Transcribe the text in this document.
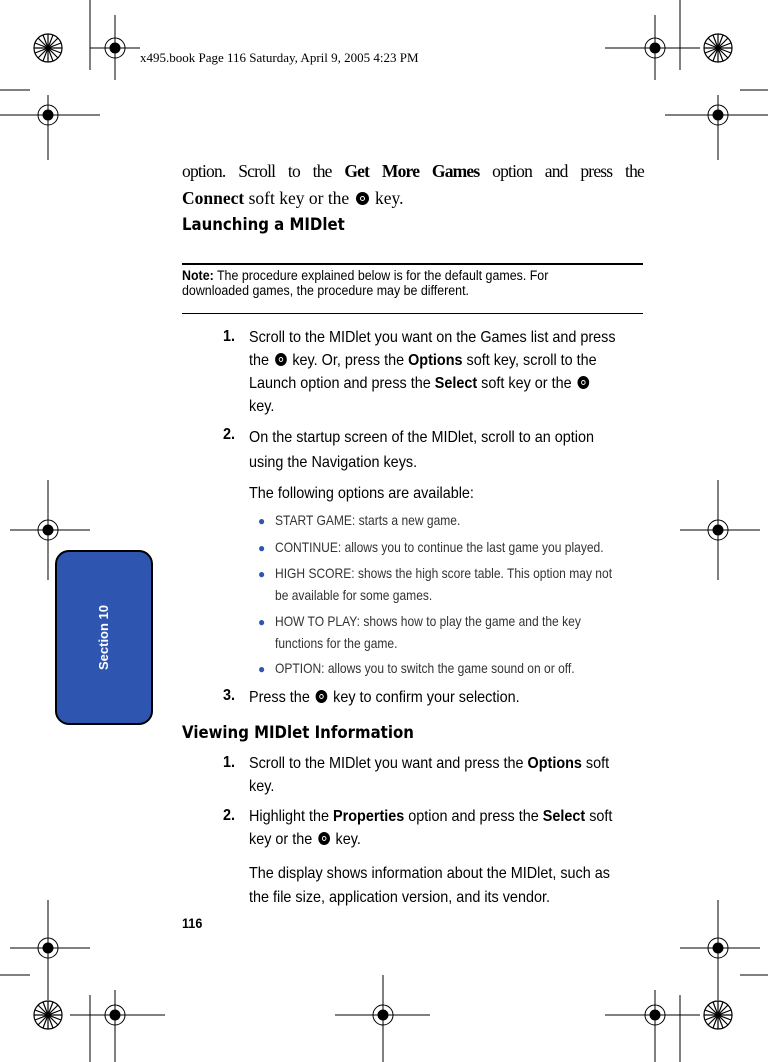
x495.book Page 116 Saturday, April 9, 2005 4:23 PM
Section 10
option. Scroll to the Get More Games option and press the
Connect soft key or the  key.
Launching a MIDlet
Note: The procedure explained below is for the default games. For downloaded games, the procedure may be different.
1. Scroll to the MIDlet you want on the Games list and press
the  key. Or, press the Options soft key, scroll to the
Launch option and press the Select soft key or the
key.
2. On the startup screen of the MIDlet, scroll to an option
using the Navigation keys.
The following options are available:
● START GAME: starts a new game.
● CONTINUE: allows you to continue the last game you played.
● HIGH SCORE: shows the high score table. This option may not
be available for some games.
● HOW TO PLAY: shows how to play the game and the key
functions for the game.
● OPTION: allows you to switch the game sound on or off.
3. Press the  key to confirm your selection.
Viewing MIDlet Information
1. Scroll to the MIDlet you want and press the Options soft
key.
2. Highlight the Properties option and press the Select soft
key or the  key.
The display shows information about the MIDlet, such as
the file size, application version, and its vendor.
116
